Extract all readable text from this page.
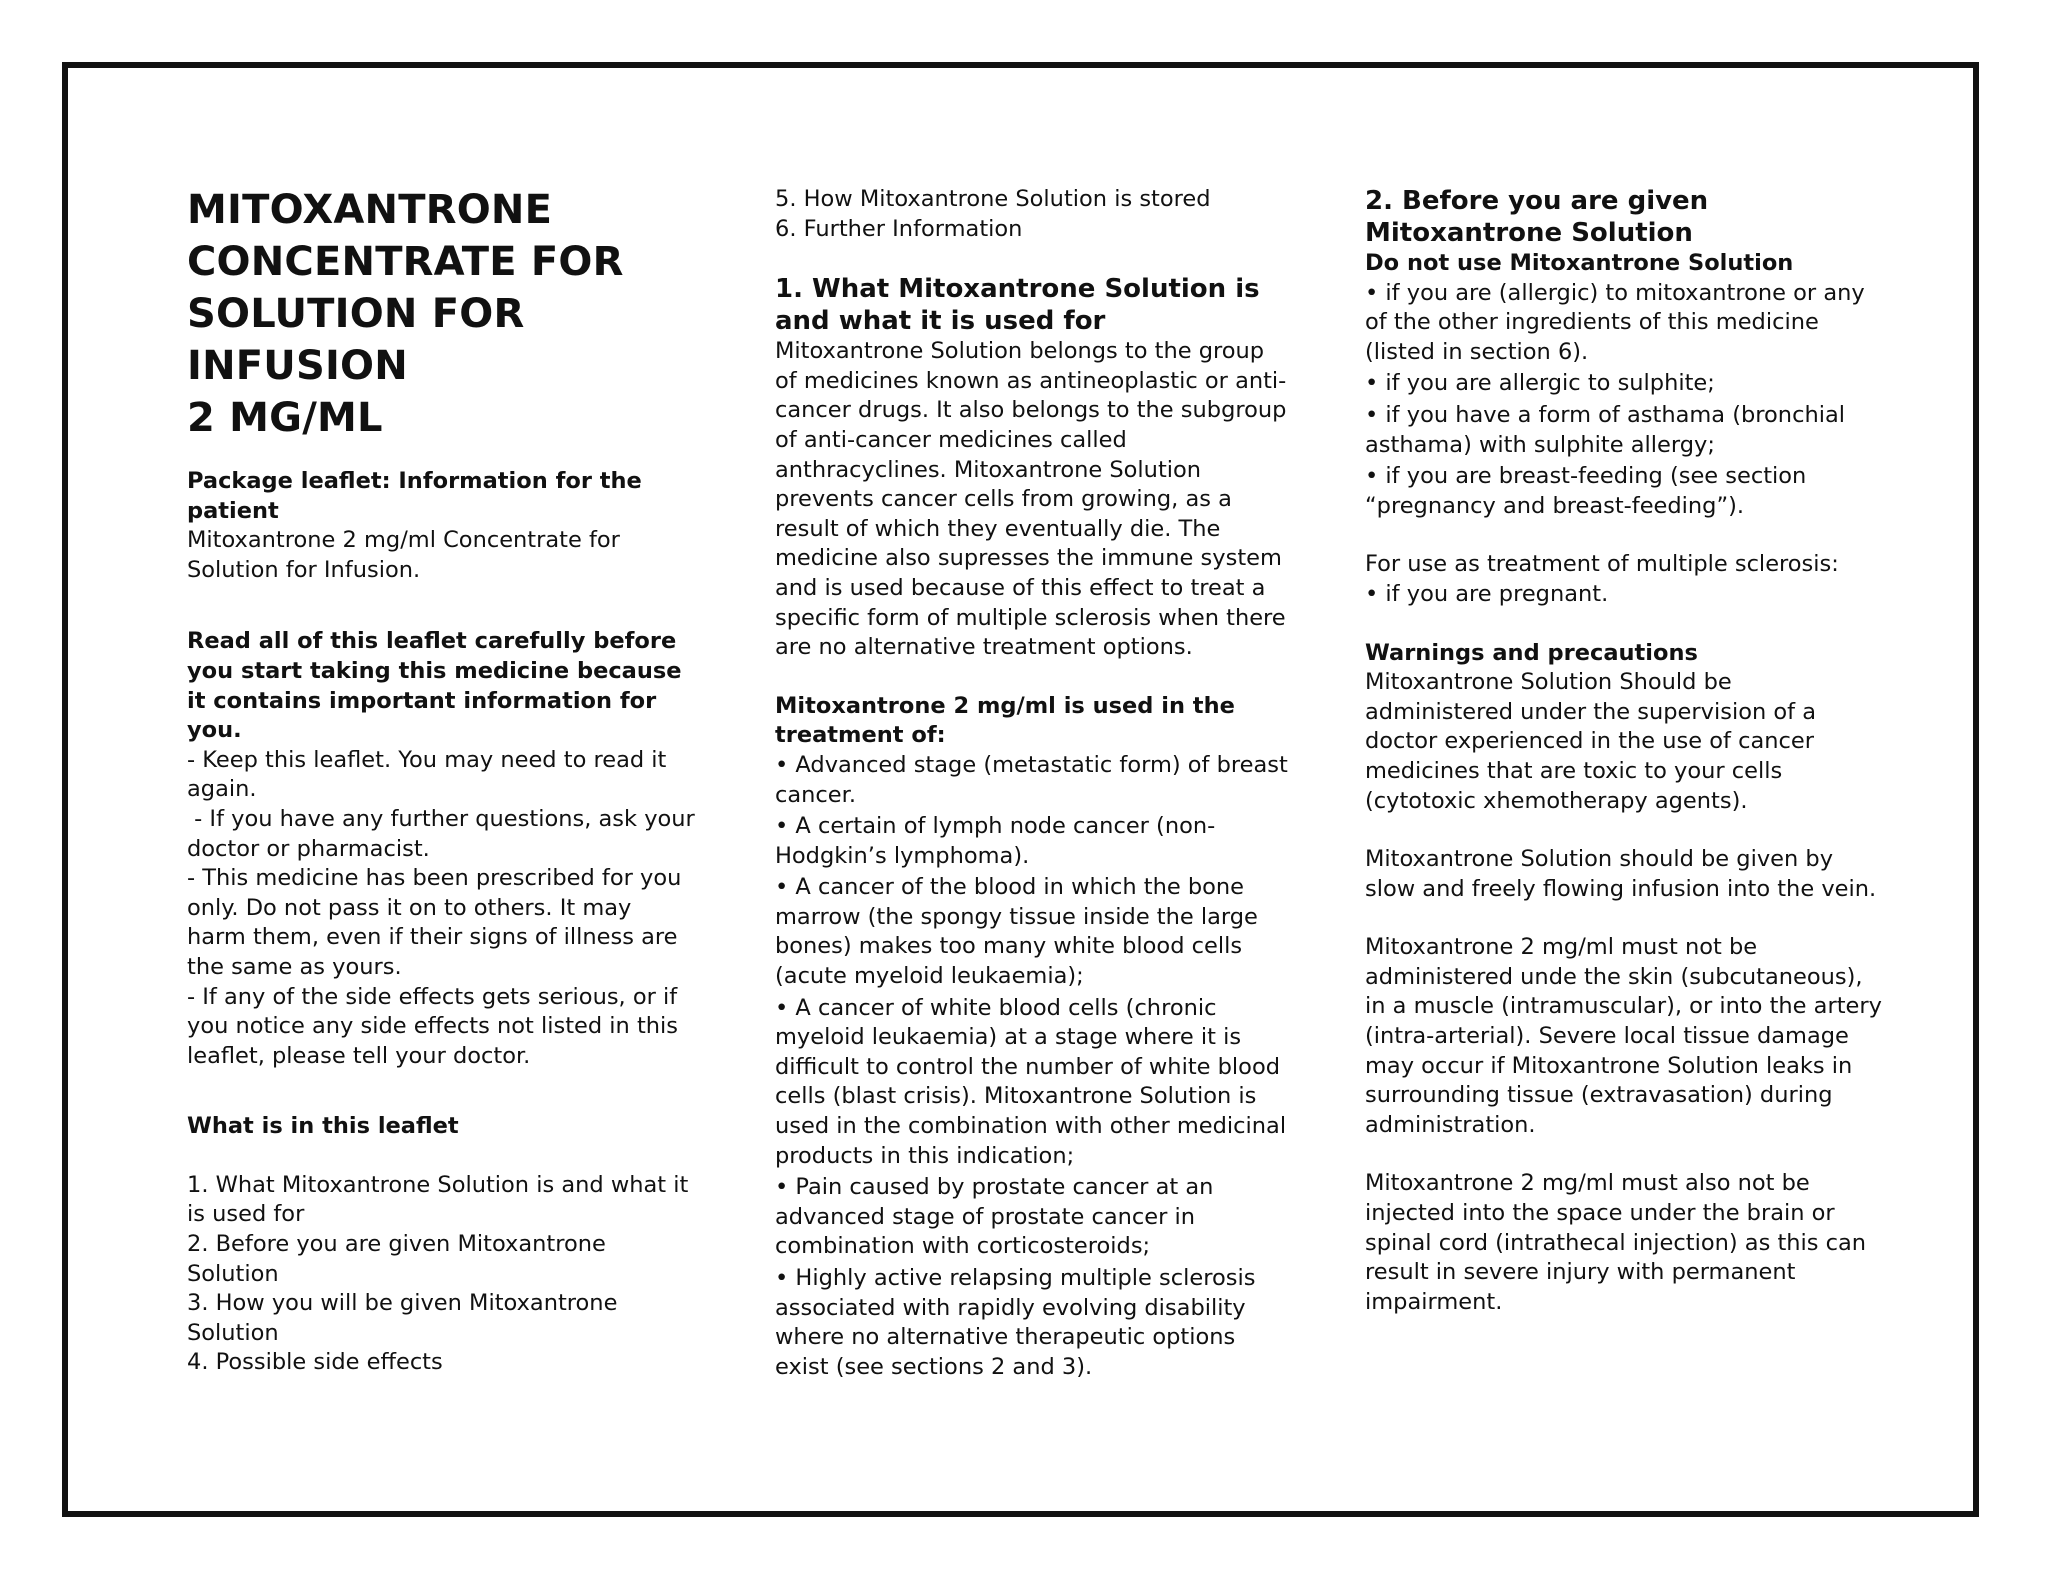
MITOXANTRONE
CONCENTRATE FOR
SOLUTION FOR
INFUSION
2 MG/ML

Package leaflet: Information for the patient

Mitoxantrone 2 mg/ml Concentrate for Solution for Infusion.

Read all of this leaflet carefully before you start taking this medicine because it contains important information for you.

- Keep this leaflet. You may need to read it again.

- If you have any further questions, ask your doctor or pharmacist.

- This medicine has been prescribed for you only. Do not pass it on to others. It may harm them, even if their signs of illness are the same as yours.

- If any of the side effects gets serious, or if you notice any side effects not listed in this leaflet, please tell your doctor.

What is in this leaflet

1. What Mitoxantrone Solution is and what it is used for

2. Before you are given Mitoxantrone Solution

3. How you will be given Mitoxantrone Solution

4. Possible side effects

5. How Mitoxantrone Solution is stored

6. Further Information

1. What Mitoxantrone Solution is and what it is used for

Mitoxantrone Solution belongs to the group of medicines known as antineoplastic or anti-cancer drugs. It also belongs to the subgroup of anti-cancer medicines called anthracyclines. Mitoxantrone Solution prevents cancer cells from growing, as a result of which they eventually die. The medicine also supresses the immune system and is used because of this effect to treat a specific form of multiple sclerosis when there are no alternative treatment options.

Mitoxantrone 2 mg/ml is used in the treatment of:

• Advanced stage (metastatic form) of breast cancer.

• A certain of lymph node cancer (non-Hodgkin’s lymphoma).

• A cancer of the blood in which the bone marrow (the spongy tissue inside the large bones) makes too many white blood cells (acute myeloid leukaemia);

• A cancer of white blood cells (chronic myeloid leukaemia) at a stage where it is difficult to control the number of white blood cells (blast crisis). Mitoxantrone Solution is used in the combination with other medicinal products in this indication;

• Pain caused by prostate cancer at an advanced stage of prostate cancer in combination with corticosteroids;

• Highly active relapsing multiple sclerosis associated with rapidly evolving disability where no alternative therapeutic options exist (see sections 2 and 3).

2. Before you are given Mitoxantrone Solution

Do not use Mitoxantrone Solution

• if you are (allergic) to mitoxantrone or any of the other ingredients of this medicine (listed in section 6).

• if you are allergic to sulphite;

• if you have a form of asthama (bronchial asthama) with sulphite allergy;

• if you are breast-feeding (see section “pregnancy and breast-feeding”).

For use as treatment of multiple sclerosis:

• if you are pregnant.

Warnings and precautions

Mitoxantrone Solution Should be administered under the supervision of a doctor experienced in the use of cancer medicines that are toxic to your cells (cytotoxic xhemotherapy agents).

Mitoxantrone Solution should be given by slow and freely flowing infusion into the vein.

Mitoxantrone 2 mg/ml must not be administered unde the skin (subcutaneous), in a muscle (intramuscular), or into the artery (intra-arterial). Severe local tissue damage may occur if Mitoxantrone Solution leaks in surrounding tissue (extravasation) during administration.

Mitoxantrone 2 mg/ml must also not be injected into the space under the brain or spinal cord (intrathecal injection) as this can result in severe injury with permanent impairment.
